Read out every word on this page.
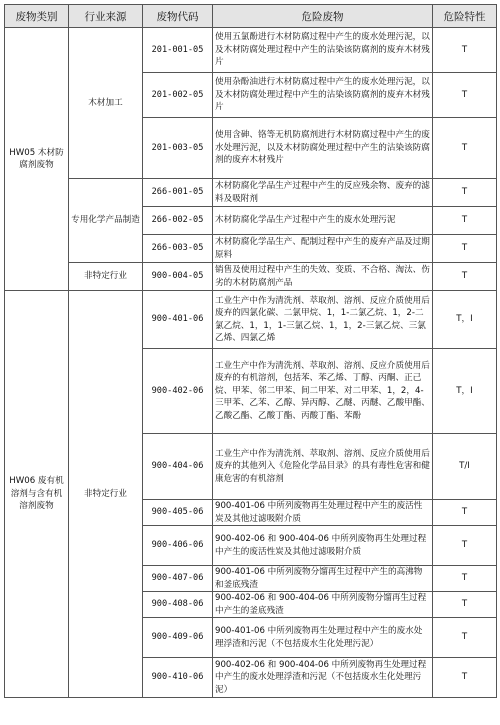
废物类别	行业来源	废物代码	危险废物	危险特性
HW05 木材防腐剂废物	木材加工	201-001-05	使用五氯酚进行木材防腐过程中产生的废水处理污泥，以及木材防腐处理过程中产生的沾染该防腐剂的废弃木材残片	T
		201-002-05	使用杂酚油进行木材防腐过程中产生的废水处理污泥，以及木材防腐处理过程中产生的沾染该防腐剂的废弃木材残片	T
		201-003-05	使用含砷、铬等无机防腐剂进行木材防腐过程中产生的废水处理污泥，以及木材防腐处理过程中产生的沾染该防腐剂的废弃木材残片	T
	专用化学产品制造	266-001-05	木材防腐化学品生产过程中产生的反应残余物、废弃的滤料及吸附剂	T
		266-002-05	木材防腐化学品生产过程中产生的废水处理污泥	T
		266-003-05	木材防腐化学品生产、配制过程中产生的废弃产品及过期原料	T
	非特定行业	900-004-05	销售及使用过程中产生的失效、变质、不合格、淘汰、伤劣的木材防腐剂产品	T
HW06 废有机溶剂与含有机溶剂废物	非特定行业	900-401-06	工业生产中作为清洗剂、萃取剂、溶剂、反应介质使用后废弃的四氯化碳、二氯甲烷、1，1-二氯乙烷、1，2-二氯乙烷、1，1，1-三氯乙烷、1，1，2-三氯乙烷、三氯乙烯、四氯乙烯	T，I
		900-402-06	工业生产中作为清洗剂、萃取剂、溶剂、反应介质使用后废弃的有机溶剂，包括苯、苯乙烯、丁醇、丙酮、正己烷、甲苯、邻二甲苯、间二甲苯、对二甲苯、1，2，4-三甲苯、乙苯、乙醇、异丙醇、乙醚、丙醚、乙酸甲酯、乙酸乙酯、乙酸丁酯、丙酸丁酯、苯酚	T，I
		900-404-06	工业生产中作为清洗剂、萃取剂、溶剂、反应介质使用后废弃的其他列入《危险化学品目录》的具有毒性危害和健康危害的有机溶剂	T/I
		900-405-06	900-401-06 中所列废物再生处理过程中产生的废活性炭及其他过滤吸附介质	T
		900-406-06	900-402-06 和 900-404-06 中所列废物再生处理过程中产生的废活性炭及其他过滤吸附介质	T
		900-407-06	900-401-06 中所列废物分馏再生过程中产生的高沸物和釜底残渣	T
		900-408-06	900-402-06 和 900-404-06 中所列废物分馏再生过程中产生的釜底残渣	T
		900-409-06	900-401-06 中所列废物再生处理过程中产生的废水处理浮渣和污泥（不包括废水生化处理污泥）	T
		900-410-06	900-402-06 和 900-404-06 中所列废物再生处理过程中产生的废水处理浮渣和污泥（不包括废水生化处理污泥）	T
